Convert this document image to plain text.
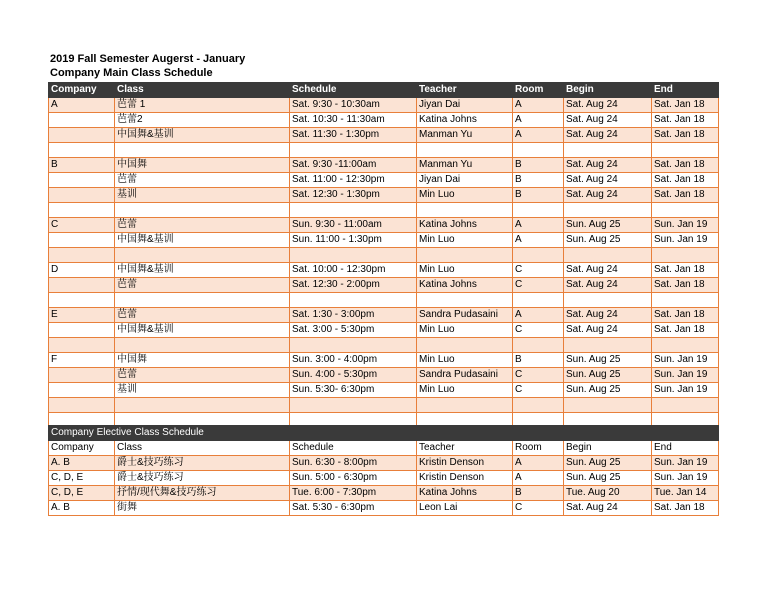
2019 Fall Semester Augerst - January
Company Main Class Schedule
Company	Class	Schedule	Teacher	Room	Begin	End
A	芭蕾 1	Sat. 9:30 - 10:30am	Jiyan Dai	A	Sat. Aug 24	Sat. Jan 18
	芭蕾2	Sat. 10:30 - 11:30am	Katina Johns	A	Sat. Aug 24	Sat. Jan 18
	中国舞&基训	Sat. 11:30 - 1:30pm	Manman Yu	A	Sat. Aug 24	Sat. Jan 18

B	中国舞	Sat. 9:30 -11:00am	Manman Yu	B	Sat. Aug 24	Sat. Jan 18
	芭蕾	Sat. 11:00 - 12:30pm	Jiyan Dai	B	Sat. Aug 24	Sat. Jan 18
	基训	Sat. 12:30 - 1:30pm	Min Luo	B	Sat. Aug 24	Sat. Jan 18

C	芭蕾	Sun. 9:30 - 11:00am	Katina Johns	A	Sun. Aug 25	Sun. Jan 19
	中国舞&基训	Sun. 11:00 - 1:30pm	Min Luo	A	Sun. Aug 25	Sun. Jan 19

D	中国舞&基训	Sat. 10:00 - 12:30pm	Min Luo	C	Sat. Aug 24	Sat. Jan 18
	芭蕾	Sat. 12:30 - 2:00pm	Katina Johns	C	Sat. Aug 24	Sat. Jan 18

E	芭蕾	Sat. 1:30 - 3:00pm	Sandra Pudasaini	A	Sat. Aug 24	Sat. Jan 18
	中国舞&基训	Sat. 3:00 - 5:30pm	Min Luo	C	Sat. Aug 24	Sat. Jan 18

F	中国舞	Sun. 3:00 - 4:00pm	Min Luo	B	Sun. Aug 25	Sun. Jan 19
	芭蕾	Sun. 4:00 - 5:30pm	Sandra Pudasaini	C	Sun. Aug 25	Sun. Jan 19
	基训	Sun. 5:30- 6:30pm	Min Luo	C	Sun. Aug 25	Sun. Jan 19

Company Elective Class Schedule						
Company	Class	Schedule	Teacher	Room	Begin	End
A. B	爵士&技巧练习	Sun. 6:30 - 8:00pm	Kristin Denson	A	Sun. Aug 25	Sun. Jan 19
C, D, E	爵士&技巧练习	Sun. 5:00 - 6:30pm	Kristin Denson	A	Sun. Aug 25	Sun. Jan 19
C, D, E	抒情/现代舞&技巧练习	Tue. 6:00 - 7:30pm	Katina Johns	B	Tue. Aug 20	Tue. Jan 14
A. B	街舞	Sat. 5:30 - 6:30pm	Leon Lai	C	Sat. Aug 24	Sat. Jan 18
